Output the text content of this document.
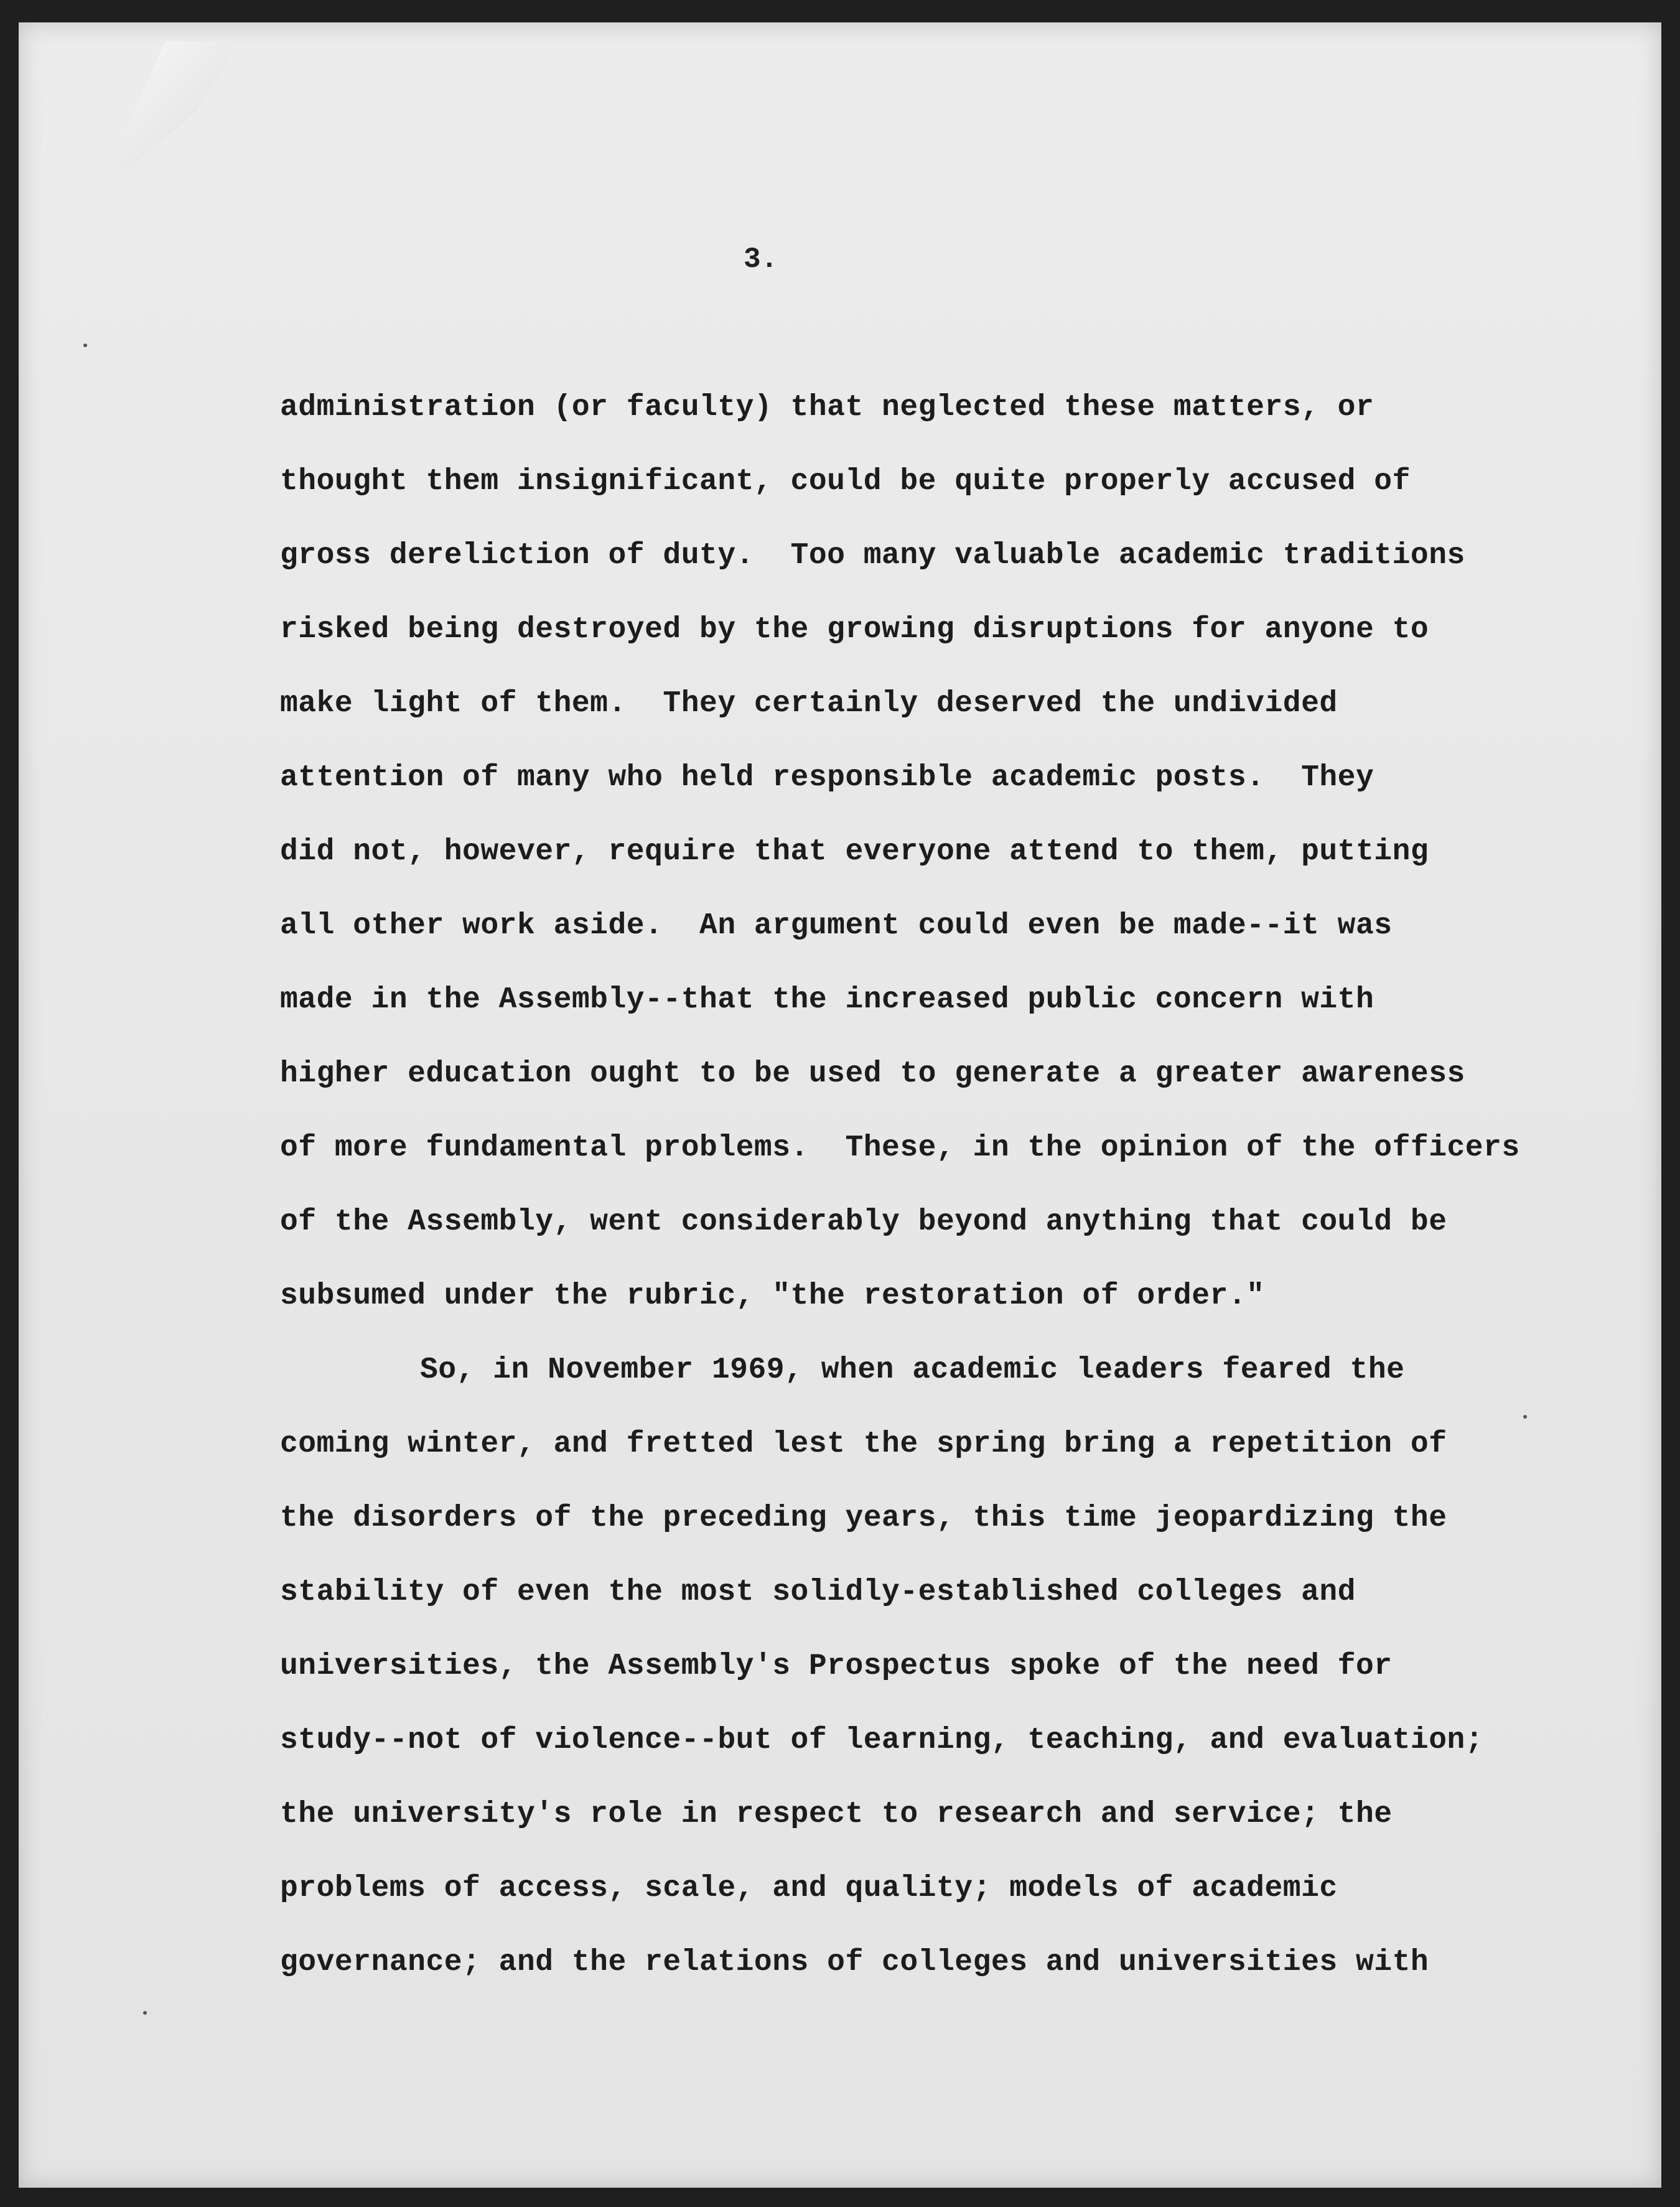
3.
administration (or faculty) that neglected these matters, or
thought them insignificant, could be quite properly accused of
gross dereliction of duty.  Too many valuable academic traditions
risked being destroyed by the growing disruptions for anyone to
make light of them.  They certainly deserved the undivided
attention of many who held responsible academic posts.  They
did not, however, require that everyone attend to them, putting
all other work aside.  An argument could even be made--it was
made in the Assembly--that the increased public concern with
higher education ought to be used to generate a greater awareness
of more fundamental problems.  These, in the opinion of the officers
of the Assembly, went considerably beyond anything that could be
subsumed under the rubric, "the restoration of order."
So, in November 1969, when academic leaders feared the
coming winter, and fretted lest the spring bring a repetition of
the disorders of the preceding years, this time jeopardizing the
stability of even the most solidly-established colleges and
universities, the Assembly's Prospectus spoke of the need for
study--not of violence--but of learning, teaching, and evaluation;
the university's role in respect to research and service; the
problems of access, scale, and quality; models of academic
governance; and the relations of colleges and universities with
